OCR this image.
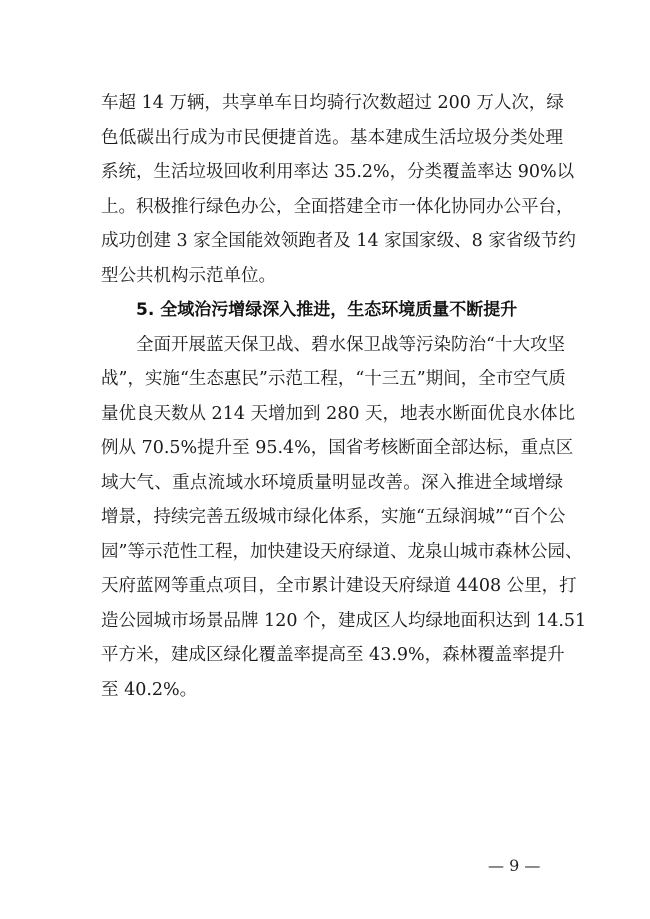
车超 14 万辆，共享单车日均骑行次数超过 200 万人次，绿
色低碳出行成为市民便捷首选。基本建成生活垃圾分类处理
系统，生活垃圾回收利用率达 35.2%，分类覆盖率达 90%以
上。积极推行绿色办公，全面搭建全市一体化协同办公平台，
成功创建 3 家全国能效领跑者及 14 家国家级、8 家省级节约
型公共机构示范单位。
5. 全域治污增绿深入推进，生态环境质量不断提升
全面开展蓝天保卫战、碧水保卫战等污染防治“十大攻坚
战”，实施“生态惠民”示范工程，“十三五”期间，全市空气质
量优良天数从 214 天增加到 280 天，地表水断面优良水体比
例从 70.5%提升至 95.4%，国省考核断面全部达标，重点区
域大气、重点流域水环境质量明显改善。深入推进全域增绿
增景，持续完善五级城市绿化体系，实施“五绿润城”“百个公
园”等示范性工程，加快建设天府绿道、龙泉山城市森林公园、
天府蓝网等重点项目，全市累计建设天府绿道 4408 公里，打
造公园城市场景品牌 120 个，建成区人均绿地面积达到 14.51
平方米，建成区绿化覆盖率提高至 43.9%，森林覆盖率提升
至 40.2%。
— 9 —
